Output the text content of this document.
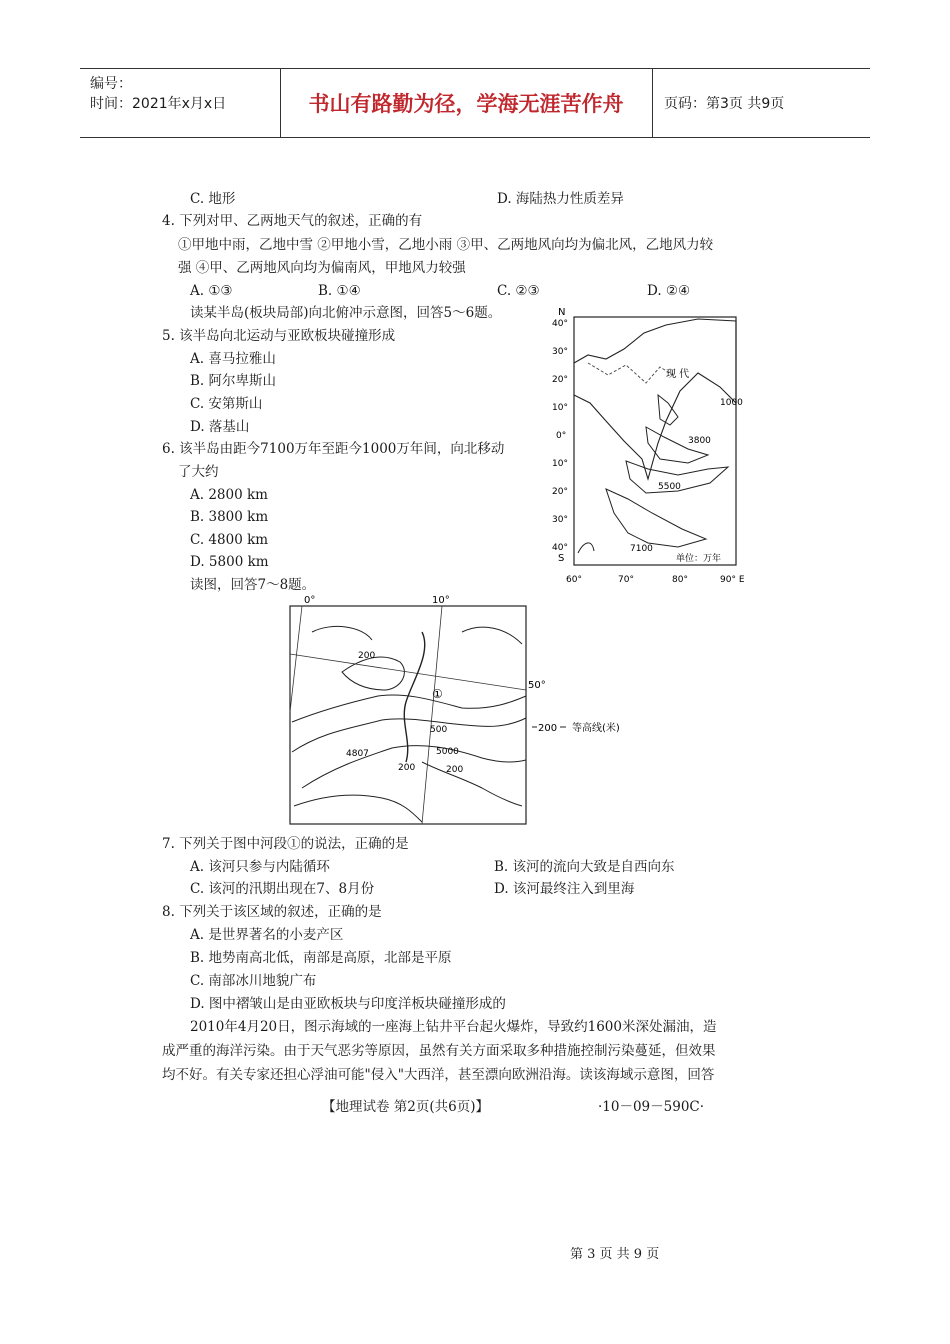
编号：
时间：2021年x月x日	书山有路勤为径，学海无涯苦作舟	页码：第3页 共9页
C. 地形	D. 海陆热力性质差异
4. 下列对甲、乙两地天气的叙述，正确的有
①甲地中雨，乙地中雪 ②甲地小雪，乙地小雨 ③甲、乙两地风向均为偏北风，乙地风力较
强 ④甲、乙两地风向均为偏南风，甲地风力较强
A. ①③	B. ①④	C. ②③	D. ②④
读某半岛(板块局部)向北俯冲示意图，回答5～6题。
5. 该半岛向北运动与亚欧板块碰撞形成
A. 喜马拉雅山
B. 阿尔卑斯山
C. 安第斯山
D. 落基山
6. 该半岛由距今7100万年至距今1000万年间，向北移动
了大约
A. 2800 km
B. 3800 km
C. 4800 km
D. 5800 km
读图，回答7～8题。
7. 下列关于图中河段①的说法，正确的是
A. 该河只参与内陆循环	B. 该河的流向大致是自西向东
C. 该河的汛期出现在7、8月份	D. 该河最终注入到里海
8. 下列关于该区域的叙述，正确的是
A. 是世界著名的小麦产区
B. 地势南高北低，南部是高原，北部是平原
C. 南部冰川地貌广布
D. 图中褶皱山是由亚欧板块与印度洋板块碰撞形成的
2010年4月20日，图示海域的一座海上钻井平台起火爆炸，导致约1600米深处漏油，造
成严重的海洋污染。由于天气恶劣等原因，虽然有关方面采取多种措施控制污染蔓延，但效果
均不好。有关专家还担心浮油可能"侵入"大西洋，甚至漂向欧洲沿海。读该海域示意图，回答
N
40°
30°
20°
10°
0°
10°
20°
30°
40°
S
60°	70°	80°	90° E
现 代
1000
3800
5500
7100
单位：万年
0°	10°
50°
200
500
4807	5000
200	200
①
200 等高线(米)
【地理试卷 第2页(共6页)】	·10－09－590C·
第 3 页 共 9 页
